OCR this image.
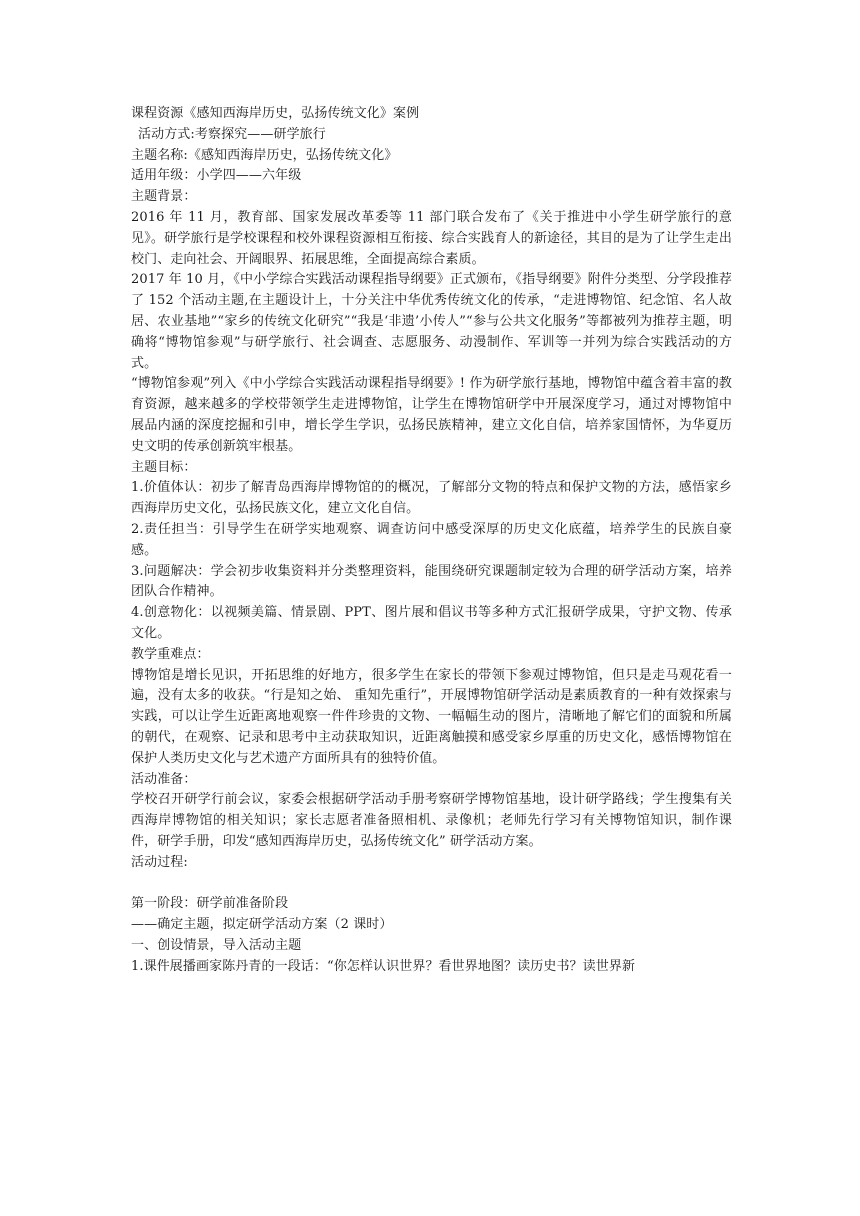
课程资源《感知西海岸历史，弘扬传统文化》案例
活动方式:考察探究——研学旅行
主题名称:《感知西海岸历史，弘扬传统文化》
适用年级：小学四——六年级
主题背景：
2016 年 11 月，教育部、国家发展改革委等 11 部门联合发布了《关于推进中小学生研学旅行的意见》。研学旅行是学校课程和校外课程资源相互衔接、综合实践育人的新途径，其目的是为了让学生走出校门、走向社会、开阔眼界、拓展思维，全面提高综合素质。
2017 年 10 月，《中小学综合实践活动课程指导纲要》正式颁布，《指导纲要》附件分类型、分学段推荐了 152 个活动主题,在主题设计上，十分关注中华优秀传统文化的传承，“走进博物馆、纪念馆、名人故居、农业基地”“家乡的传统文化研究”“我是‘非遗’小传人”“参与公共文化服务”等都被列为推荐主题，明确将“博物馆参观”与研学旅行、社会调查、志愿服务、动漫制作、军训等一并列为综合实践活动的方式。
“博物馆参观”列入《中小学综合实践活动课程指导纲要》! 作为研学旅行基地，博物馆中蕴含着丰富的教育资源，越来越多的学校带领学生走进博物馆，让学生在博物馆研学中开展深度学习，通过对博物馆中展品内涵的深度挖掘和引申，增长学生学识，弘扬民族精神，建立文化自信，培养家国情怀，为华夏历史文明的传承创新筑牢根基。
主题目标：
1.价值体认：初步了解青岛西海岸博物馆的的概况，了解部分文物的特点和保护文物的方法，感悟家乡西海岸历史文化，弘扬民族文化，建立文化自信。
2.责任担当：引导学生在研学实地观察、调查访问中感受深厚的历史文化底蕴，培养学生的民族自豪感。
3.问题解决：学会初步收集资料并分类整理资料，能围绕研究课题制定较为合理的研学活动方案，培养团队合作精神。
4.创意物化：以视频美篇、情景剧、PPT、图片展和倡议书等多种方式汇报研学成果，守护文物、传承文化。
教学重难点：
博物馆是增长见识，开拓思维的好地方，很多学生在家长的带领下参观过博物馆，但只是走马观花看一遍，没有太多的收获。“行是知之始、 重知先重行”，开展博物馆研学活动是素质教育的一种有效探索与实践，可以让学生近距离地观察一件件珍贵的文物、一幅幅生动的图片，清晰地了解它们的面貌和所属的朝代，在观察、记录和思考中主动获取知识，近距离触摸和感受家乡厚重的历史文化，感悟博物馆在保护人类历史文化与艺术遗产方面所具有的独特价值。
活动准备：
学校召开研学行前会议，家委会根据研学活动手册考察研学博物馆基地，设计研学路线；学生搜集有关西海岸博物馆的相关知识；家长志愿者准备照相机、录像机；老师先行学习有关博物馆知识，制作课件，研学手册，印发“感知西海岸历史，弘扬传统文化” 研学活动方案。
活动过程:
第一阶段：研学前准备阶段
——确定主题，拟定研学活动方案（2 课时）
一、创设情景，导入活动主题
1.课件展播画家陈丹青的一段话：“你怎样认识世界？看世界地图？读历史书？读世界新
